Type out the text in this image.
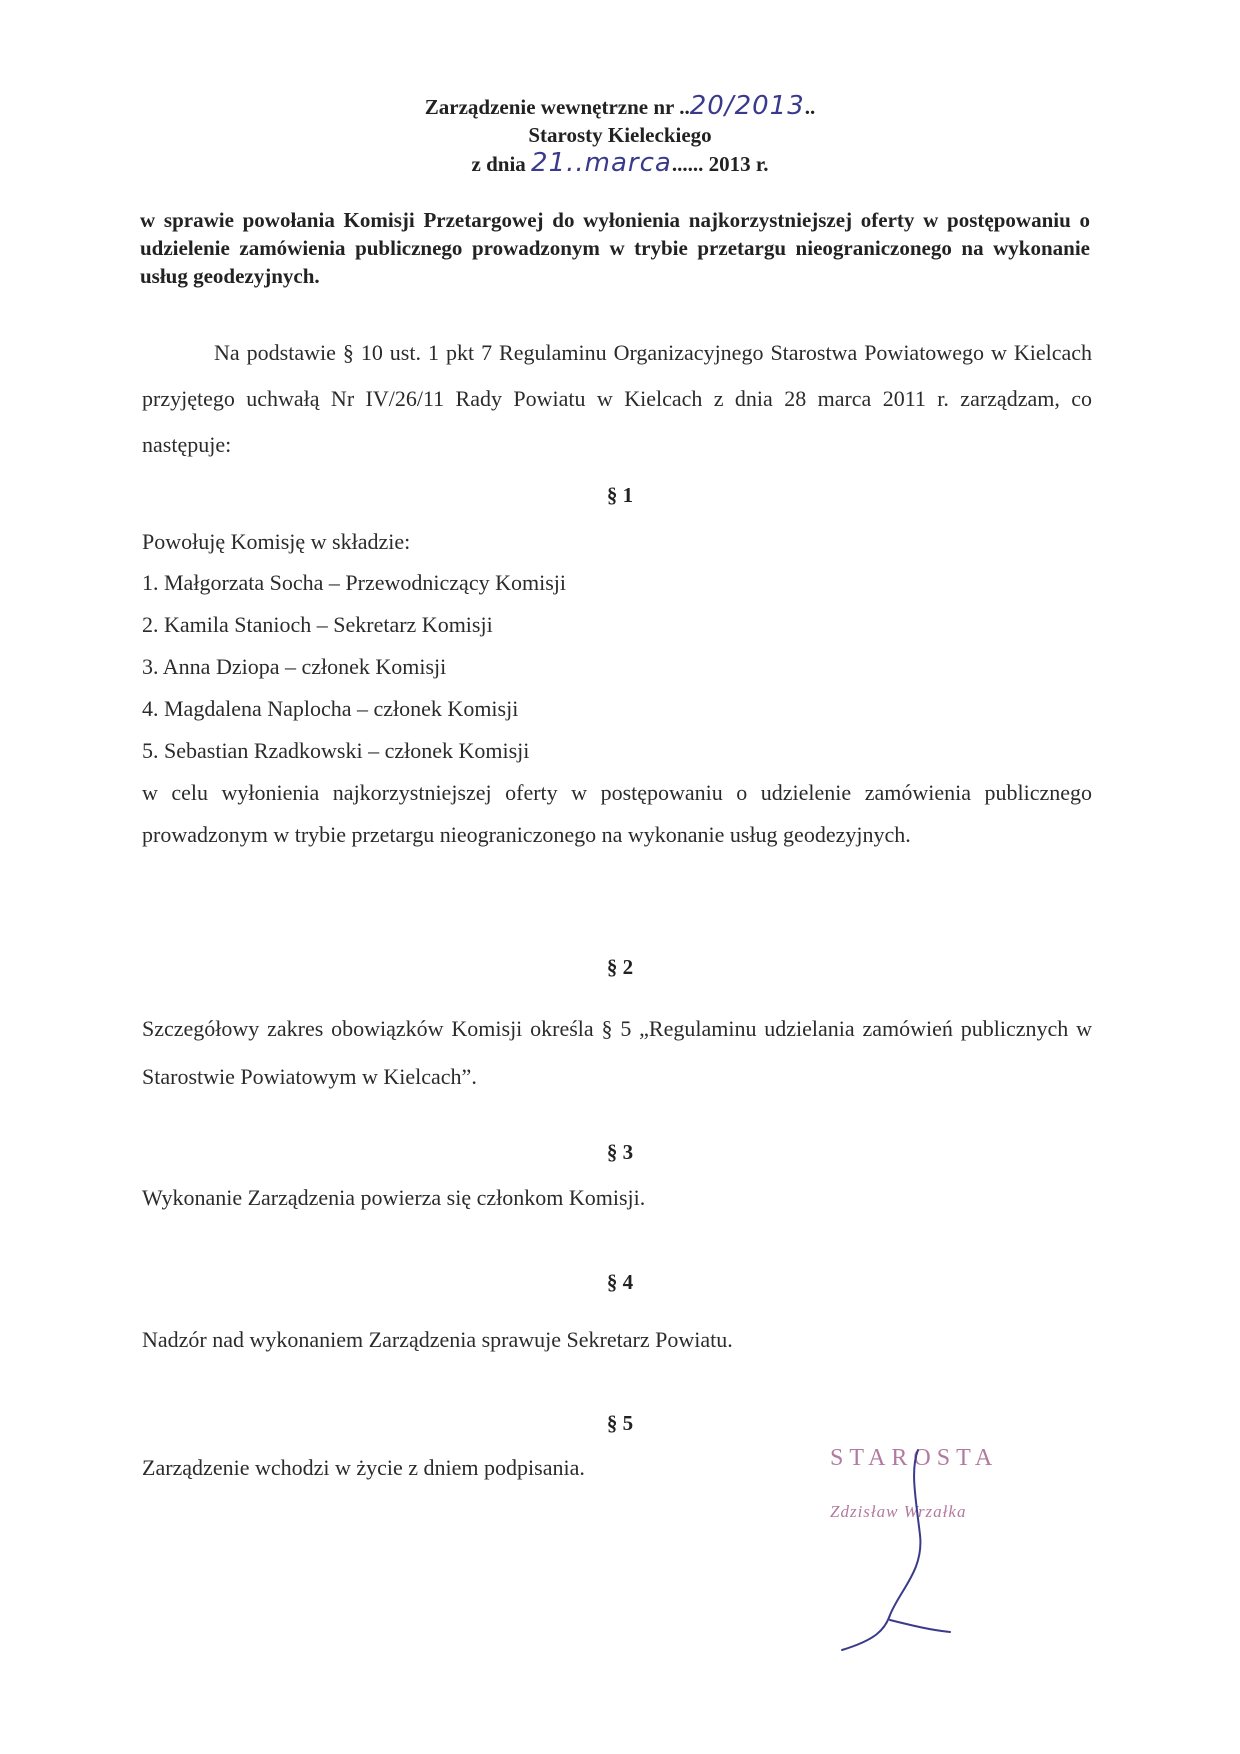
Zarządzenie wewnętrzne nr ..20/2013..
Starosty Kieleckiego
z dnia 21..marca...... 2013 r.
w sprawie powołania Komisji Przetargowej do wyłonienia najkorzystniejszej oferty w postępowaniu o udzielenie zamówienia publicznego prowadzonym w trybie przetargu nieograniczonego na wykonanie usług geodezyjnych.

Na podstawie § 10 ust. 1 pkt 7 Regulaminu Organizacyjnego Starostwa Powiatowego w Kielcach przyjętego uchwałą Nr IV/26/11 Rady Powiatu w Kielcach z dnia 28 marca 2011 r. zarządzam, co następuje:

§ 1

Powołuję Komisję w składzie:

1. Małgorzata Socha – Przewodniczący Komisji

2. Kamila Stanioch – Sekretarz Komisji

3. Anna Dziopa – członek Komisji

4. Magdalena Naplocha – członek Komisji

5. Sebastian Rzadkowski – członek Komisji

w celu wyłonienia najkorzystniejszej oferty w postępowaniu o udzielenie zamówienia publicznego prowadzonym w trybie przetargu nieograniczonego na wykonanie usług geodezyjnych.

§ 2

Szczegółowy zakres obowiązków Komisji określa § 5 „Regulaminu udzielania zamówień publicznych w Starostwie Powiatowym w Kielcach”.

§ 3

Wykonanie Zarządzenia powierza się członkom Komisji.

§ 4

Nadzór nad wykonaniem Zarządzenia sprawuje Sekretarz Powiatu.

§ 5

Zarządzenie wchodzi w życie z dniem podpisania.	STAROSTA
Zdzisław Wrzałka
